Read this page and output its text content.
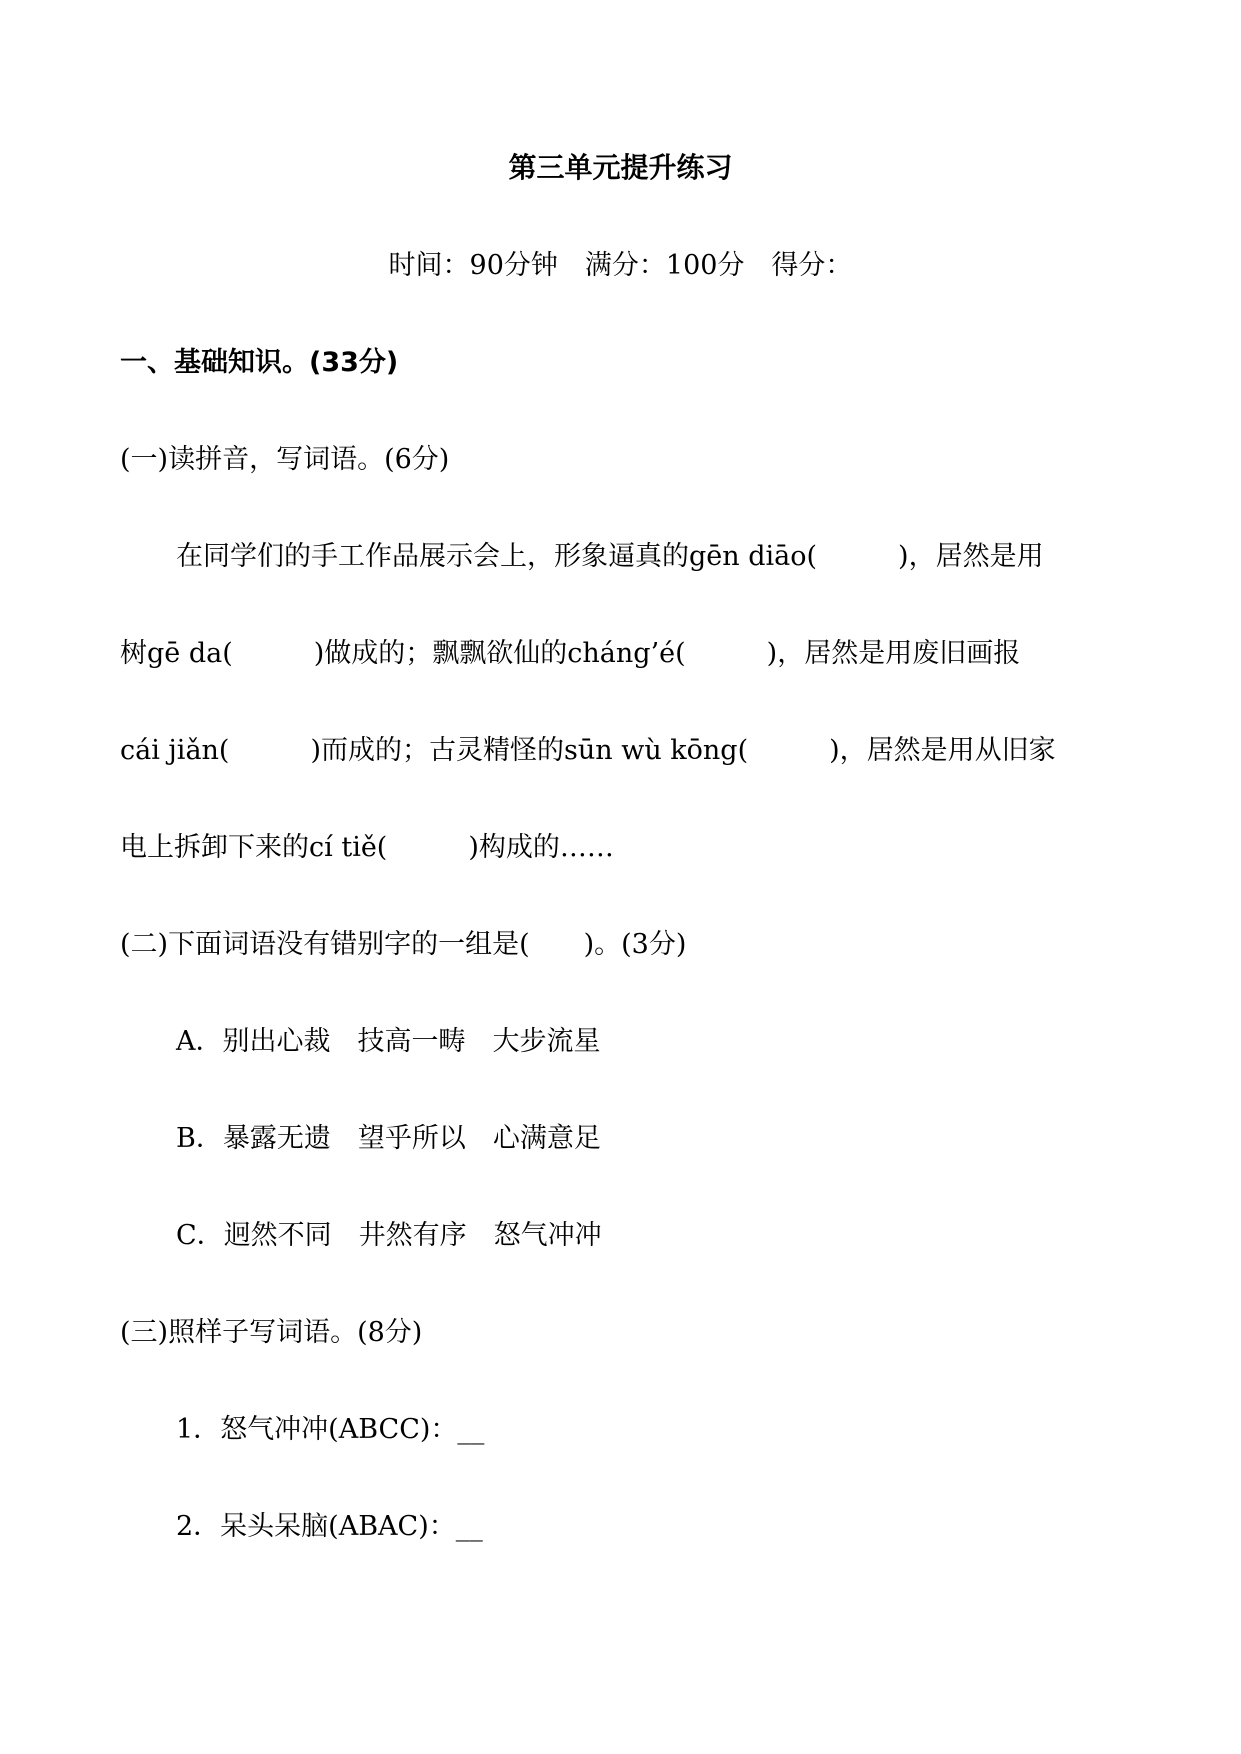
第三单元提升练习
时间：90分钟　满分：100分　得分：
一、基础知识。(33分)
(一)读拼音，写词语。(6分)
在同学们的手工作品展示会上，形象逼真的gēn diāo(　　　)，居然是用
树gē da(　　　)做成的；飘飘欲仙的cháng’é(　　　)，居然是用废旧画报
cái jiǎn(　　　)而成的；古灵精怪的sūn wù kōng(　　　)，居然是用从旧家
电上拆卸下来的cí tiě(　　　)构成的……
(二)下面词语没有错别字的一组是(　　)。(3分)
A．别出心裁　技高一畴　大步流星
B．暴露无遗　望乎所以　心满意足
C．迥然不同　井然有序　怒气冲冲
(三)照样子写词语。(8分)
1．怒气冲冲(ABCC)：__
2．呆头呆脑(ABAC)：__
